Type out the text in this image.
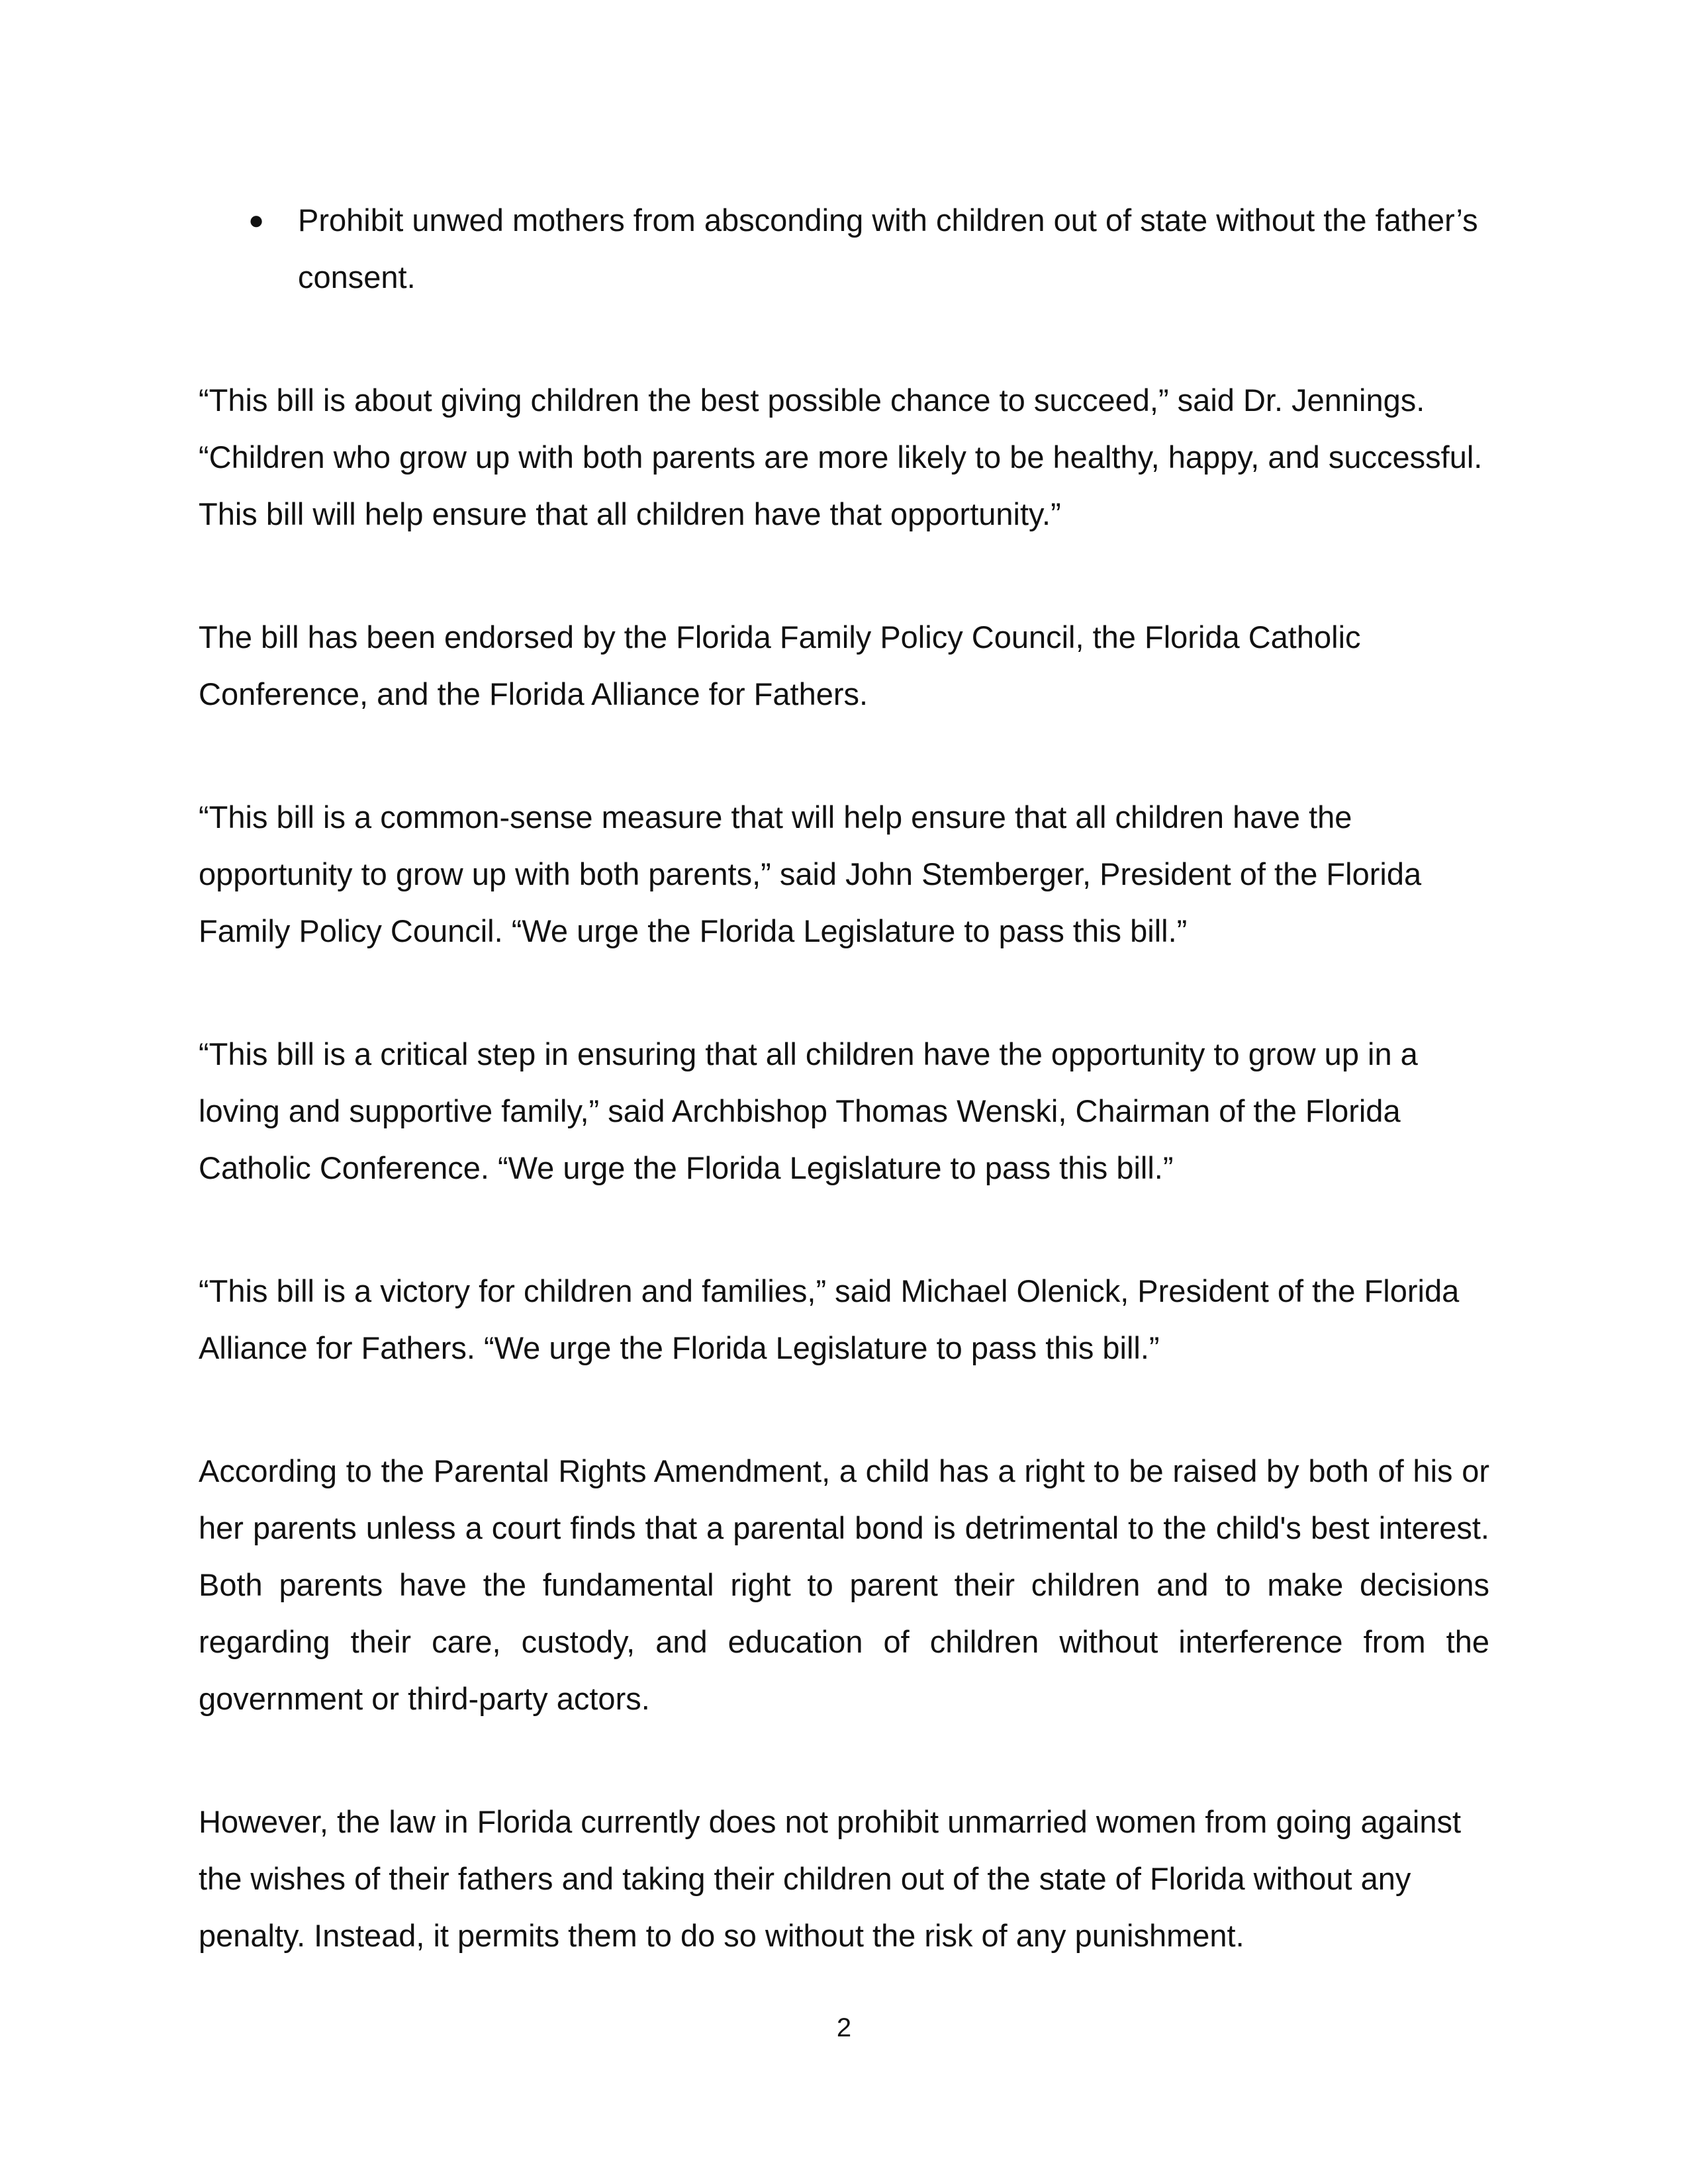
● Prohibit unwed mothers from absconding with children out of state without the father’s consent.

“This bill is about giving children the best possible chance to succeed,” said Dr. Jennings. “Children who grow up with both parents are more likely to be healthy, happy, and successful. This bill will help ensure that all children have that opportunity.”

The bill has been endorsed by the Florida Family Policy Council, the Florida Catholic Conference, and the Florida Alliance for Fathers.

“This bill is a common-sense measure that will help ensure that all children have the opportunity to grow up with both parents,” said John Stemberger, President of the Florida Family Policy Council. “We urge the Florida Legislature to pass this bill.”

“This bill is a critical step in ensuring that all children have the opportunity to grow up in a loving and supportive family,” said Archbishop Thomas Wenski, Chairman of the Florida Catholic Conference. “We urge the Florida Legislature to pass this bill.”

“This bill is a victory for children and families,” said Michael Olenick, President of the Florida Alliance for Fathers. “We urge the Florida Legislature to pass this bill.”

According to the Parental Rights Amendment, a child has a right to be raised by both of his or her parents unless a court finds that a parental bond is detrimental to the child's best interest. Both parents have the fundamental right to parent their children and to make decisions regarding their care, custody, and education of children without interference from the government or third-party actors.

However, the law in Florida currently does not prohibit unmarried women from going against the wishes of their fathers and taking their children out of the state of Florida without any penalty. Instead, it permits them to do so without the risk of any punishment.

2
